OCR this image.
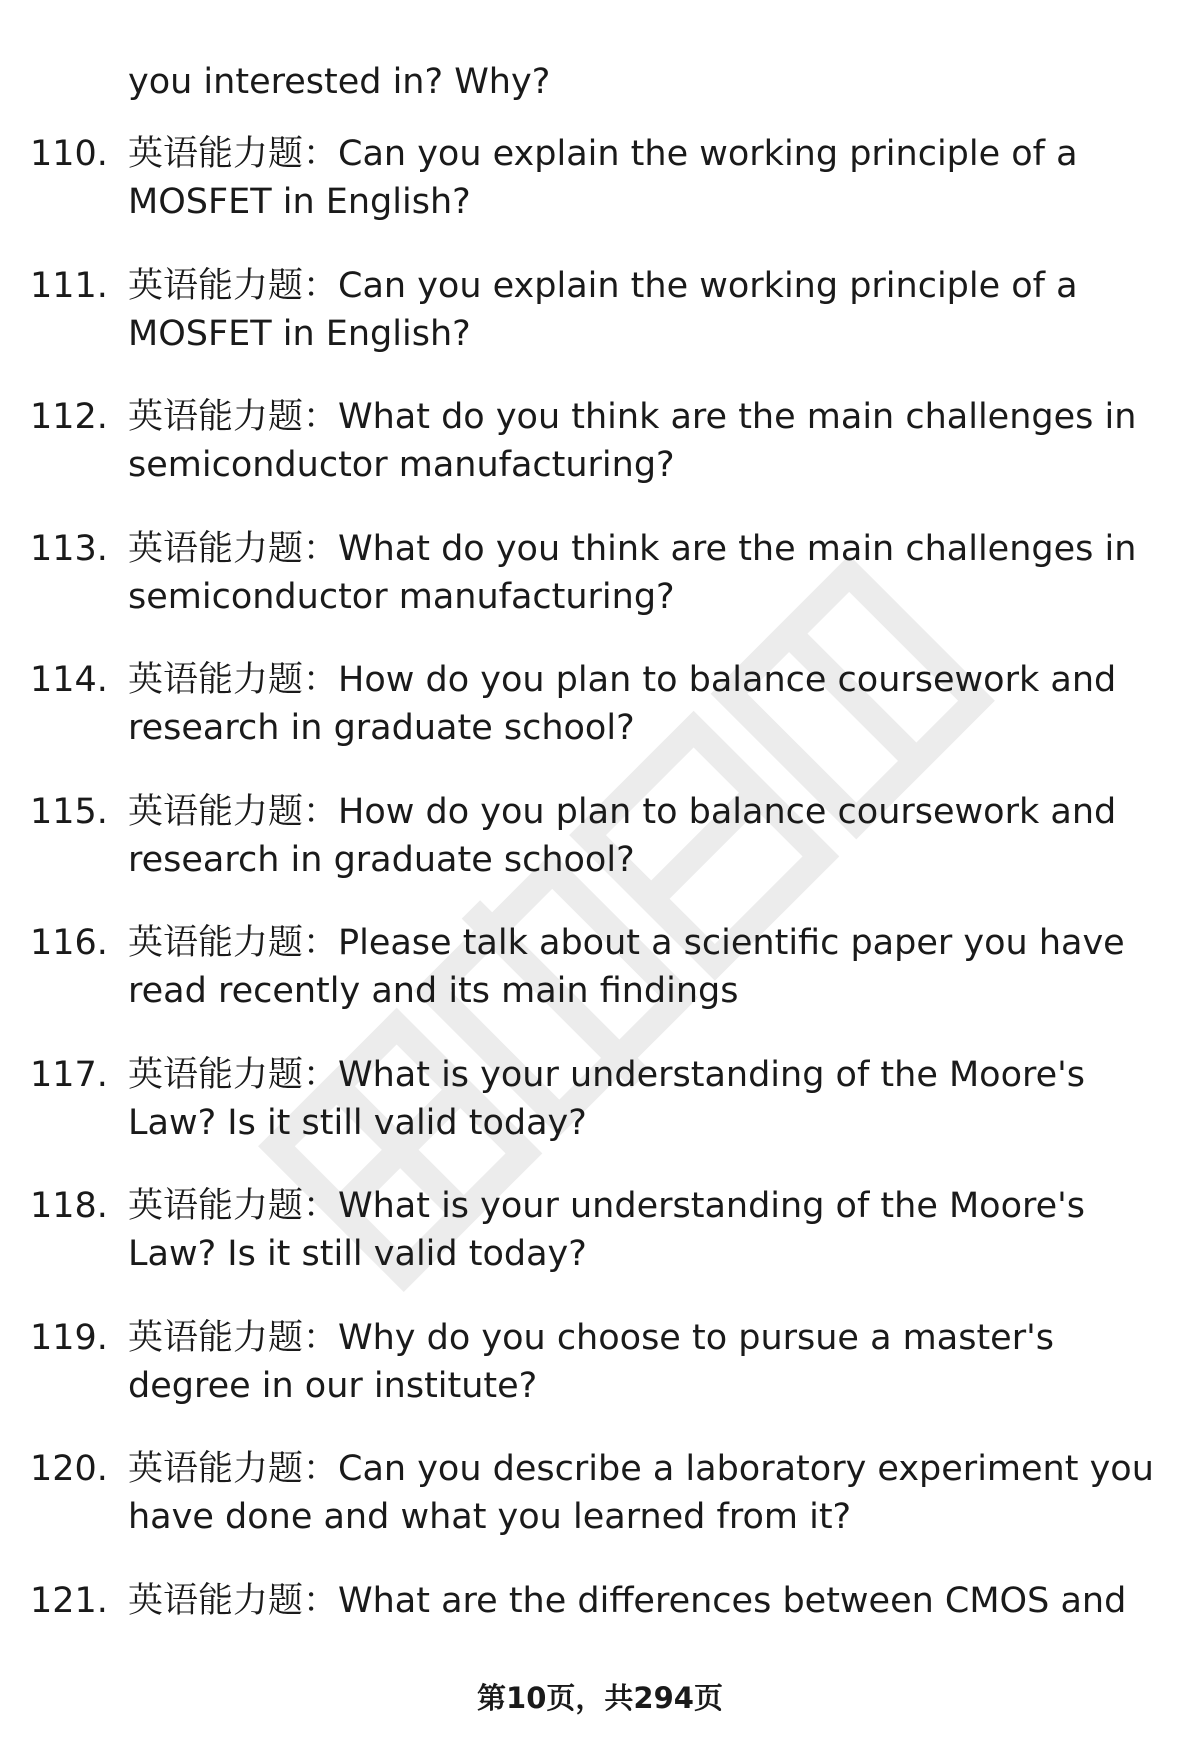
you interested in? Why?
110. 英语能力题：Can you explain the working principle of a
MOSFET in English?
111. 英语能力题：Can you explain the working principle of a
MOSFET in English?
112. 英语能力题：What do you think are the main challenges in
semiconductor manufacturing?
113. 英语能力题：What do you think are the main challenges in
semiconductor manufacturing?
114. 英语能力题：How do you plan to balance coursework and
research in graduate school?
115. 英语能力题：How do you plan to balance coursework and
research in graduate school?
116. 英语能力题：Please talk about a scientific paper you have
read recently and its main findings
117. 英语能力题：What is your understanding of the Moore's
Law? Is it still valid today?
118. 英语能力题：What is your understanding of the Moore's
Law? Is it still valid today?
119. 英语能力题：Why do you choose to pursue a master's
degree in our institute?
120. 英语能力题：Can you describe a laboratory experiment you
have done and what you learned from it?
121. 英语能力题：What are the differences between CMOS and
第10页，共294页
